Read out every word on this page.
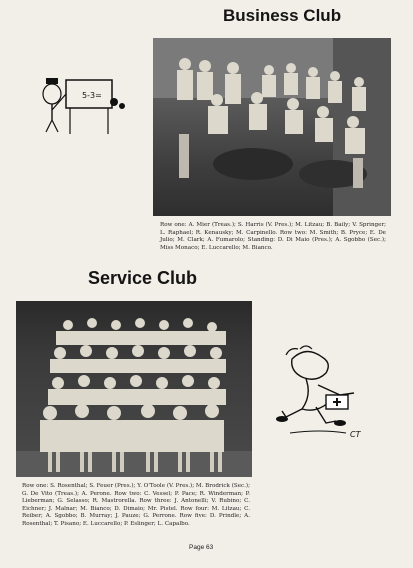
Business Club
5-3=
Row one: A. Mier (Treas.); S. Harris (V. Pres.); M. Litzau; B. Baily; V. Springer; L. Raphael; R. Kenausky; M. Carpinello. Row two: M. Smith; B. Pryce; E. De Julio; M. Clark; A. Fumarolo; Standing: D. Di Maio (Pres.); A. Sgobbo (Sec.); Miss Monaco; E. Luccarello; M. Bianco.
Service Club
CT
Row one: S. Rosenthal; S. Feuer (Pres.); Y. O'Toole (V. Pres.); M. Brodrick (Sec.); G. De Vito (Treas.); A. Perone. Row two: C. Vessel; P. Pace; R. Winderman; P. Lieberman; G. Selasso; R. Mastrorella. Row three: J. Antonelli; V. Rubino; C. Eichner; J. Malnar; M. Bianco; D. Dimaio; Mr. Pistel. Row four: M. Litzau; C. Reiber; A. Sgobbo; B. Murray; J. Pauze; G. Perrone. Row five: D. Prindle; A. Rosenthal; T. Pisano; E. Luccarello; P. Eslinger; L. Capalbo.
Page 63
